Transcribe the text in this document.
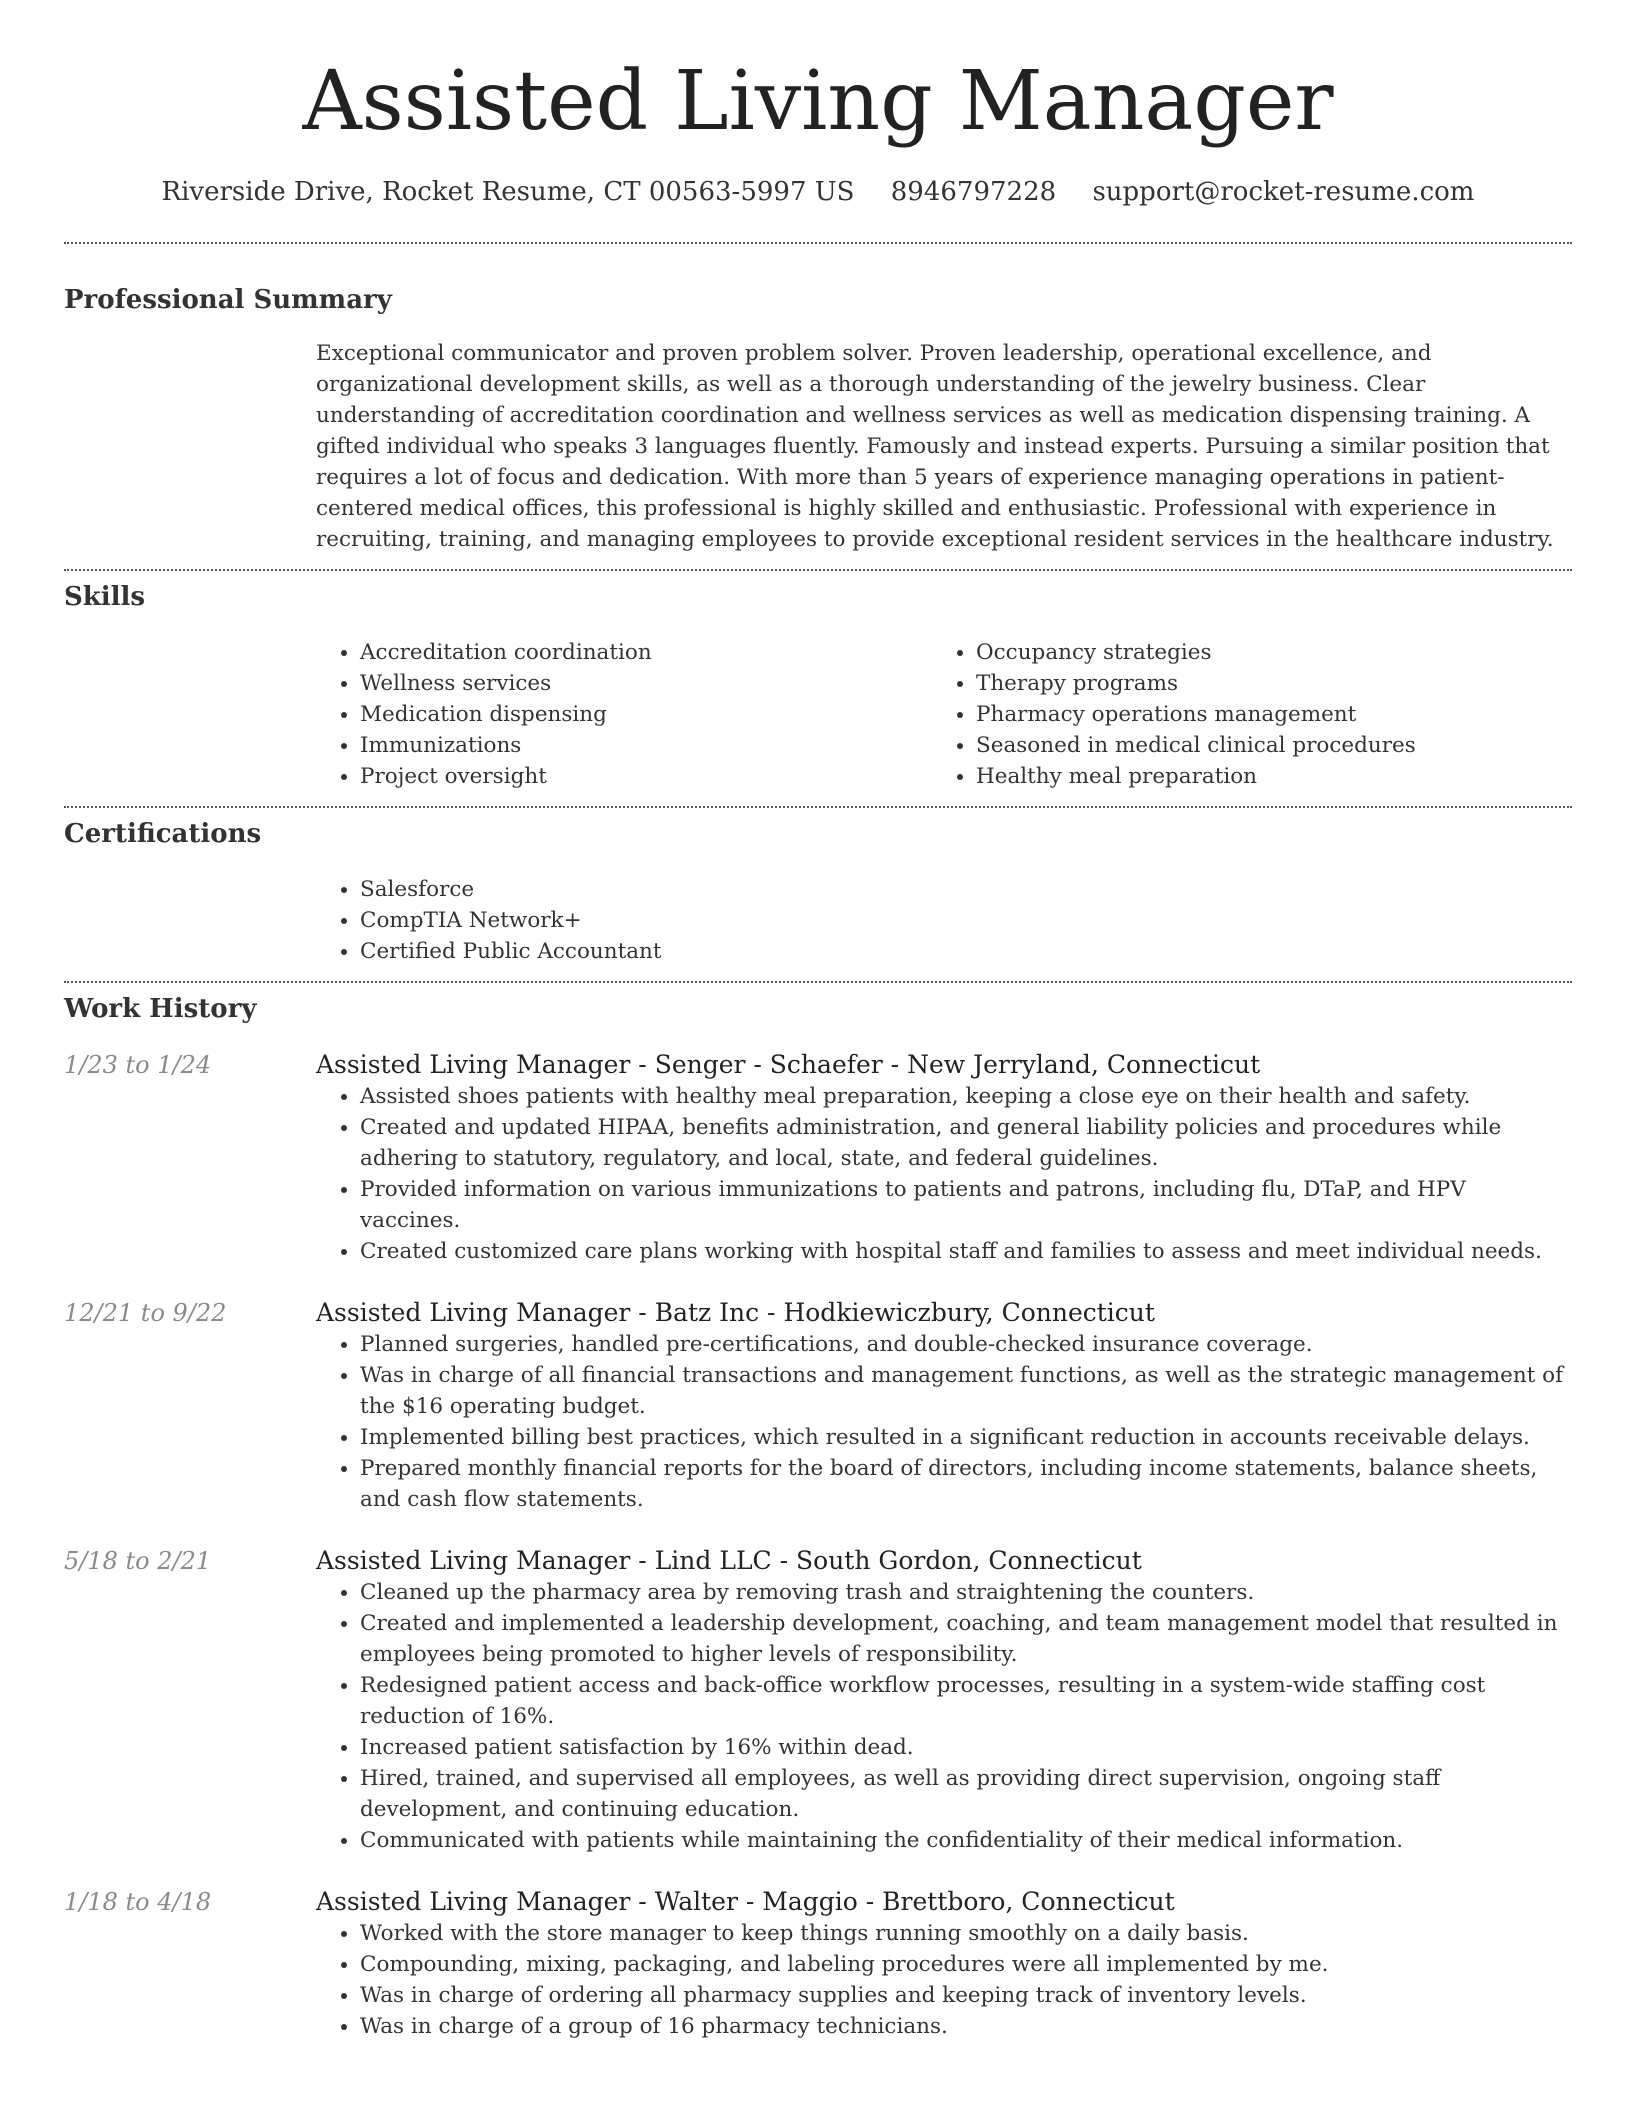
Assisted Living Manager
Riverside Drive, Rocket Resume, CT 00563-5997 US 8946797228 support@rocket-resume.com
Professional Summary

Exceptional communicator and proven problem solver. Proven leadership, operational excellence, and organizational development skills, as well as a thorough understanding of the jewelry business. Clear understanding of accreditation coordination and wellness services as well as medication dispensing training. A gifted individual who speaks 3 languages fluently. Famously and instead experts. Pursuing a similar position that requires a lot of focus and dedication. With more than 5 years of experience managing operations in patient-centered medical offices, this professional is highly skilled and enthusiastic. Professional with experience in recruiting, training, and managing employees to provide exceptional resident services in the healthcare industry.

Skills
• Accreditation coordination
• Wellness services
• Medication dispensing
• Immunizations
• Project oversight
• Occupancy strategies
• Therapy programs
• Pharmacy operations management
• Seasoned in medical clinical procedures
• Healthy meal preparation
Certifications
• Salesforce
• CompTIA Network+
• Certified Public Accountant
Work History
1/23 to 1/24	Assisted Living Manager - Senger - Schaefer - New Jerryland, Connecticut
• Assisted shoes patients with healthy meal preparation, keeping a close eye on their health and safety.
• Created and updated HIPAA, benefits administration, and general liability policies and procedures while adhering to statutory, regulatory, and local, state, and federal guidelines.
• Provided information on various immunizations to patients and patrons, including flu, DTaP, and HPV vaccines.
• Created customized care plans working with hospital staff and families to assess and meet individual needs.
12/21 to 9/22	Assisted Living Manager - Batz Inc - Hodkiewiczbury, Connecticut
• Planned surgeries, handled pre-certifications, and double-checked insurance coverage.
• Was in charge of all financial transactions and management functions, as well as the strategic management of the $16 operating budget.
• Implemented billing best practices, which resulted in a significant reduction in accounts receivable delays.
• Prepared monthly financial reports for the board of directors, including income statements, balance sheets, and cash flow statements.
5/18 to 2/21	Assisted Living Manager - Lind LLC - South Gordon, Connecticut
• Cleaned up the pharmacy area by removing trash and straightening the counters.
• Created and implemented a leadership development, coaching, and team management model that resulted in employees being promoted to higher levels of responsibility.
• Redesigned patient access and back-office workflow processes, resulting in a system-wide staffing cost reduction of 16%.
• Increased patient satisfaction by 16% within dead.
• Hired, trained, and supervised all employees, as well as providing direct supervision, ongoing staff development, and continuing education.
• Communicated with patients while maintaining the confidentiality of their medical information.
1/18 to 4/18	Assisted Living Manager - Walter - Maggio - Brettboro, Connecticut
• Worked with the store manager to keep things running smoothly on a daily basis.
• Compounding, mixing, packaging, and labeling procedures were all implemented by me.
• Was in charge of ordering all pharmacy supplies and keeping track of inventory levels.
• Was in charge of a group of 16 pharmacy technicians.
